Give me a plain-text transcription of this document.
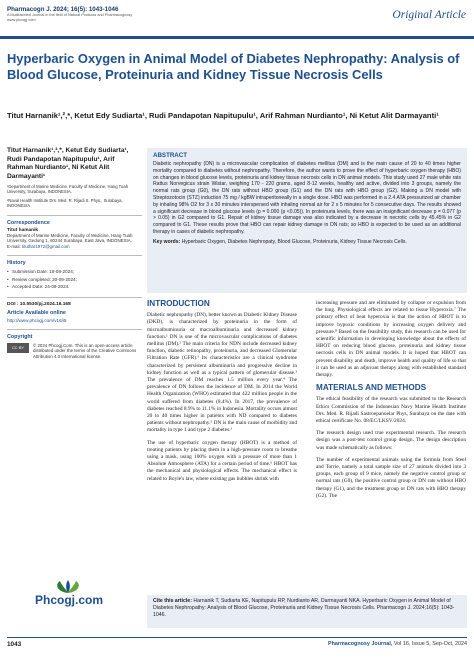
Pharmacogn J. 2024; 16(5): 1043-1046
A Multifaceted Journal in the field of Natural Products and Pharmacognosy
www.phcogj.com	Original Article
Hyperbaric Oxygen in Animal Model of Diabetes Nephropathy: Analysis of Blood Glucose, Proteinuria and Kidney Tissue Necrosis Cells
Titut Harnanik¹,²,*, Ketut Edy Sudiarta¹, Rudi Pandapotan Napitupulu¹, Arif Rahman Nurdianto¹, Ni Ketut Alit Darmayanti¹
Titut Harnanik¹,²,*, Ketut Edy Sudiarta¹, Rudi Pandapotan Napitupulu¹, Arif Rahman Nurdianto¹, Ni Ketut Alit Darmayanti¹
¹Department of Marine Medicine, Faculty of Medicine, Hang Tuah University, Surabaya, INDONESIA.
²Naval Health Institute Drs. Med. R. Rijadi S. Phys., Surabaya, INDONESIA.
Correspondence
Titut hamanik
Department of Marine Medicine, Faculty of Medicine, Hang Tuah University, Gedung 1, 60244 Surabaya, East Java, INDONESIA.
E-mail: tituthar1972@gmail.com
History
• Submission Date: 18-08-2024;
• Review completed: 20-09-2024;
• Accepted Date: 24-09-2024.
DOI : 10.5530/pj.2024.16.168
Article Available online
http://www.phcogj.com/v16/i5
Copyright
CC BY	© 2024 Phcogj.Com. This is an open-access article distributed under the terms of the Creative Commons Attribution 4.0 International license.
Phcogj.com
ABSTRACT

Diabetic nephropathy (DN) is a microvascular complication of diabetes mellitus (DM) and is the main cause of 20 to 40 times higher mortality compared to diabetes without nephropathy. Therefore, the author wants to prove the effect of hyperbaric oxygen therapy (HBO) on changes in blood glucose levels, proteinuria and kidney tissue necrosis cells in DN animal models. This study used 27 male white rats Rattus Norvegicus strain Wistar, weighing 170 - 220 grams, aged 8-12 weeks, healthy and active, divided into 3 groups, namely the normal rats group (G0), the DN rats without HBO group (G1) and the DN rats with HBO group (G2). Making a DN model with Streptozotocin (STZ) induction 75 mg / kgBW intraperitoneally in a single dose. HBO was performed in a 2.4 ATA pressurized air chamber by inhaling 98% O2 for 3 x 30 minutes interspersed with inhaling normal air for 2 x 5 minutes for 5 consecutive days. The results showed a significant decrease in blood glucose levels (p = 0.000 (p <0.05)). In proteinuria levels, there was an insignificant decrease p = 0.077 (p > 0.05) in G2 compared to G1. Repair of kidney tissue damage was also indicated by a decrease in necrotic cells by 45.45% in G2 compared to G1. These results prove that HBO can repair kidney damage in DN rats; so HBO is expected to be used as an additional therapy in cases of diabetic nephropathy.

Key words: Hyperbaric Oxygen, Diabetes Nephropaty, Blood Glucose, Proteinuria, Kidney Tissue Necrosis Cells.

INTRODUCTION

Diabetic nephropathy (DN), better known as Diabetic Kidney Disease (DKD), is characterized by proteinuria in the form of microalbuminuria or macroalbuminuria and decreased kidney function.¹ DN is one of the microvascular complications of diabetes mellitus (DM).² The main criteria for NDN include decreased kidney function, diabetic retinopathy, proteinuria, and decreased Glomerular Filtration Rate (GFR).³ Its characteristics are a clinical syndrome characterized by persistent albuminuria and progressive decline in kidney function as well as a typical pattern of glomerular disease.³ The prevalence of DM reaches 1.5 million every year.⁴ The prevalence of DN follows the incidence of DM. In 2014 the World Health Organization (WHO) estimated that 422 million people in the world suffered from diabetes (8.4%). In 2017, the prevalence of diabetes reached 8.9% to 11.1% in Indonesia. Mortality occurs almost 20 to 40 times higher in patients with ND compared to diabetes patients without nephropathy.⁵ DN is the main cause of morbidity and mortality in type 1 and type 2 diabetes.¹

The use of hyperbaric oxygen therapy (HBOT) is a method of treating patients by placing them in a high-pressure room to breathe using a mask, using 100% oxygen with a pressure of more than 1 Absolute Atmosphere (ATA) for a certain period of time.⁶ HBOT has the mechanical and physiological effects. The mechanical effect is related to Boyle's law, where existing gas bubbles shrink with

increasing pressure and are eliminated by collapse or expulsion from the lung. Physiological effects are related to tissue Hyperoxia.⁷ The primary effect of heat hyperoxia is that the action of HBOT is to improve hypoxic conditions by increasing oxygen delivery and pressure.⁸ Based on the feasibility study, this research can be used for scientific information in developing knowledge about the effects of HBOT on reducing blood glucose, proteinuria and kidney tissue necrosis cells in DN animal models. It is hoped that HBOT can prevent disability and death, improve health and quality of life so that it can be used as an adjuvant therapy along with established standard therapy.

MATERIALS AND METHODS

The ethical feasibility of the research was submitted to the Research Ethics Commission of the Indonesian Navy Marine Health Institute Drs. Med. R. Rijadi Sastroepanoelar Phys, Surabaya on the date with ethical certificate No. 08/EC/LKSV/2024.

The research design used true experimental research. The research design was a post-test control group design. The design description was made schematically as follows:

The number of experimental animals using the formula from Steel and Torrie, namely a total sample size of 27 animals divided into 3 groups, each group of 9 mice, namely the negative control group or normal rats (G0), the positive control group or DN rats without HBO therapy (G1), and the treatment group or DN rats with HBO therapy (G2). The

Cite this article: Harnanik T, Sudiarta KE, Napitupulu RP, Nurdianto AR, Darmayanti NKA. Hyperbaric Oxygen in Animal Model of Diabetes Nephropathy: Analysis of Blood Glucose, Proteinuria and Kidney Tissue Necrosis Cells. Pharmacogn J. 2024;16(5): 1043-1046.
1043	Pharmacognosy Journal, Vol 16, Issue 5, Sep-Oct, 2024
